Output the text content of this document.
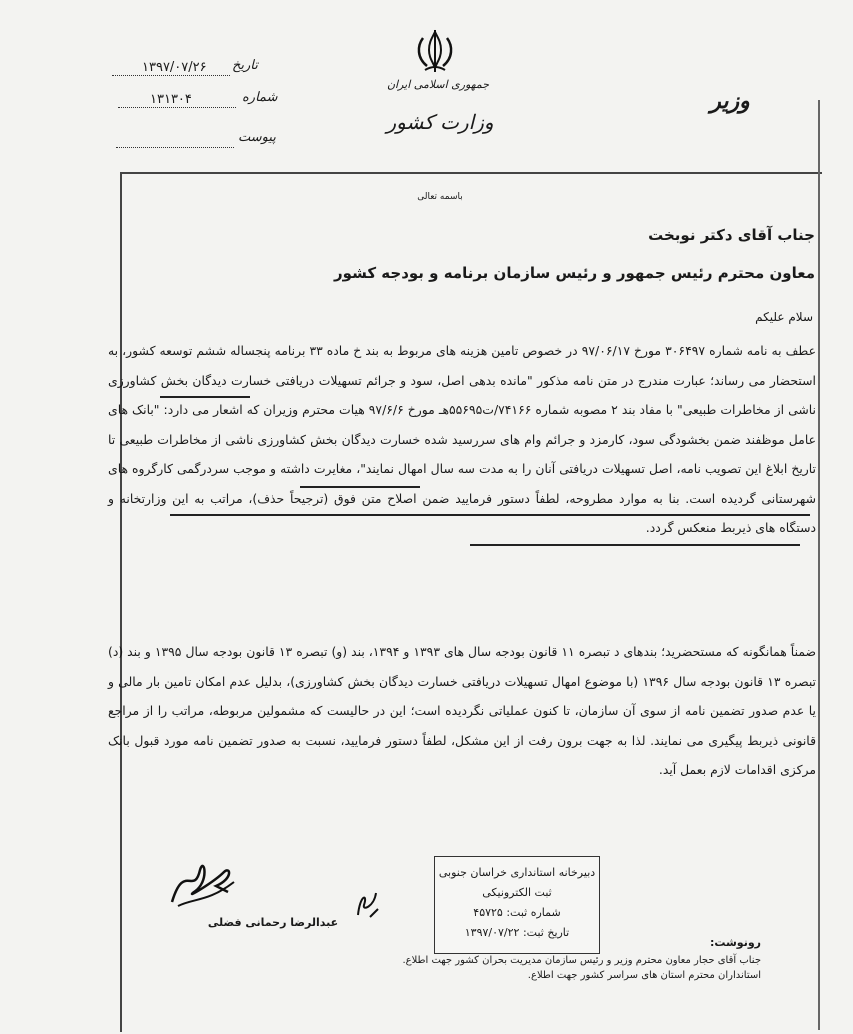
تاریخ
۱۳۹۷/۰۷/۲۶
شماره
۱۳۱۳۰۴
پیوست
جمهوری اسلامی ایران
وزارت کشور
وزیر
باسمه تعالی
جناب آقای دکتر نوبخت
معاون محترم رئیس جمهور و رئیس سازمان برنامه و بودجه کشور
سلام علیکم
عطف به نامه شماره ۳۰۶۴۹۷ مورخ ۹۷/۰۶/۱۷ در خصوص تامین هزینه های مربوط به بند خ ماده ۳۳ برنامه پنجساله ششم توسعه کشور، به استحضار می رساند؛ عبارت مندرج در متن نامه مذکور "مانده بدهی اصل، سود و جرائم تسهیلات دریافتی خسارت دیدگان بخش کشاورزی ناشی از مخاطرات طبیعی" با مفاد بند ۲ مصوبه شماره ۷۴۱۶۶/ت۵۵۶۹۵هـ مورخ ۹۷/۶/۶ هیات محترم وزیران که اشعار می دارد: "بانک های عامل موظفند ضمن بخشودگی سود، کارمزد و جرائم وام های سررسید شده خسارت دیدگان بخش کشاورزی ناشی از مخاطرات طبیعی تا تاریخ ابلاغ این تصویب نامه، اصل تسهیلات دریافتی آنان را به مدت سه سال امهال نمایند"، مغایرت داشته و موجب سردرگمی کارگروه های شهرستانی گردیده است. بنا به موارد مطروحه، لطفاً دستور فرمایید ضمن اصلاح متن فوق (ترجیحاً حذف)، مراتب به این وزارتخانه و دستگاه های ذیربط منعکس گردد.
ضمناً همانگونه که مستحضرید؛ بندهای د تبصره ۱۱ قانون بودجه سال های ۱۳۹۳ و ۱۳۹۴، بند (و) تبصره ۱۳ قانون بودجه سال ۱۳۹۵ و بند (د) تبصره ۱۳ قانون بودجه سال ۱۳۹۶ (با موضوع امهال تسهیلات دریافتی خسارت دیدگان بخش کشاورزی)، بدلیل عدم امکان تامین بار مالی و یا عدم صدور تضمین نامه از سوی آن سازمان، تا کنون عملیاتی نگردیده است؛ این در حالیست که مشمولین مربوطه، مراتب را از مراجع قانونی ذیربط پیگیری می نمایند. لذا به جهت برون رفت از این مشکل، لطفاً دستور فرمایید، نسبت به صدور تضمین نامه مورد قبول بانک مرکزی اقدامات لازم بعمل آید.
عبدالرضا رحمانی فضلی
دبیرخانه استانداری خراسان جنوبی
ثبت الکترونیکی
شماره ثبت: ۴۵۷۲۵
تاریخ ثبت: ۱۳۹۷/۰۷/۲۲
رونوشت:
جناب آقای حجار معاون محترم وزیر و رئیس سازمان مدیریت بحران کشور جهت اطلاع.
استانداران محترم استان های سراسر کشور جهت اطلاع.
